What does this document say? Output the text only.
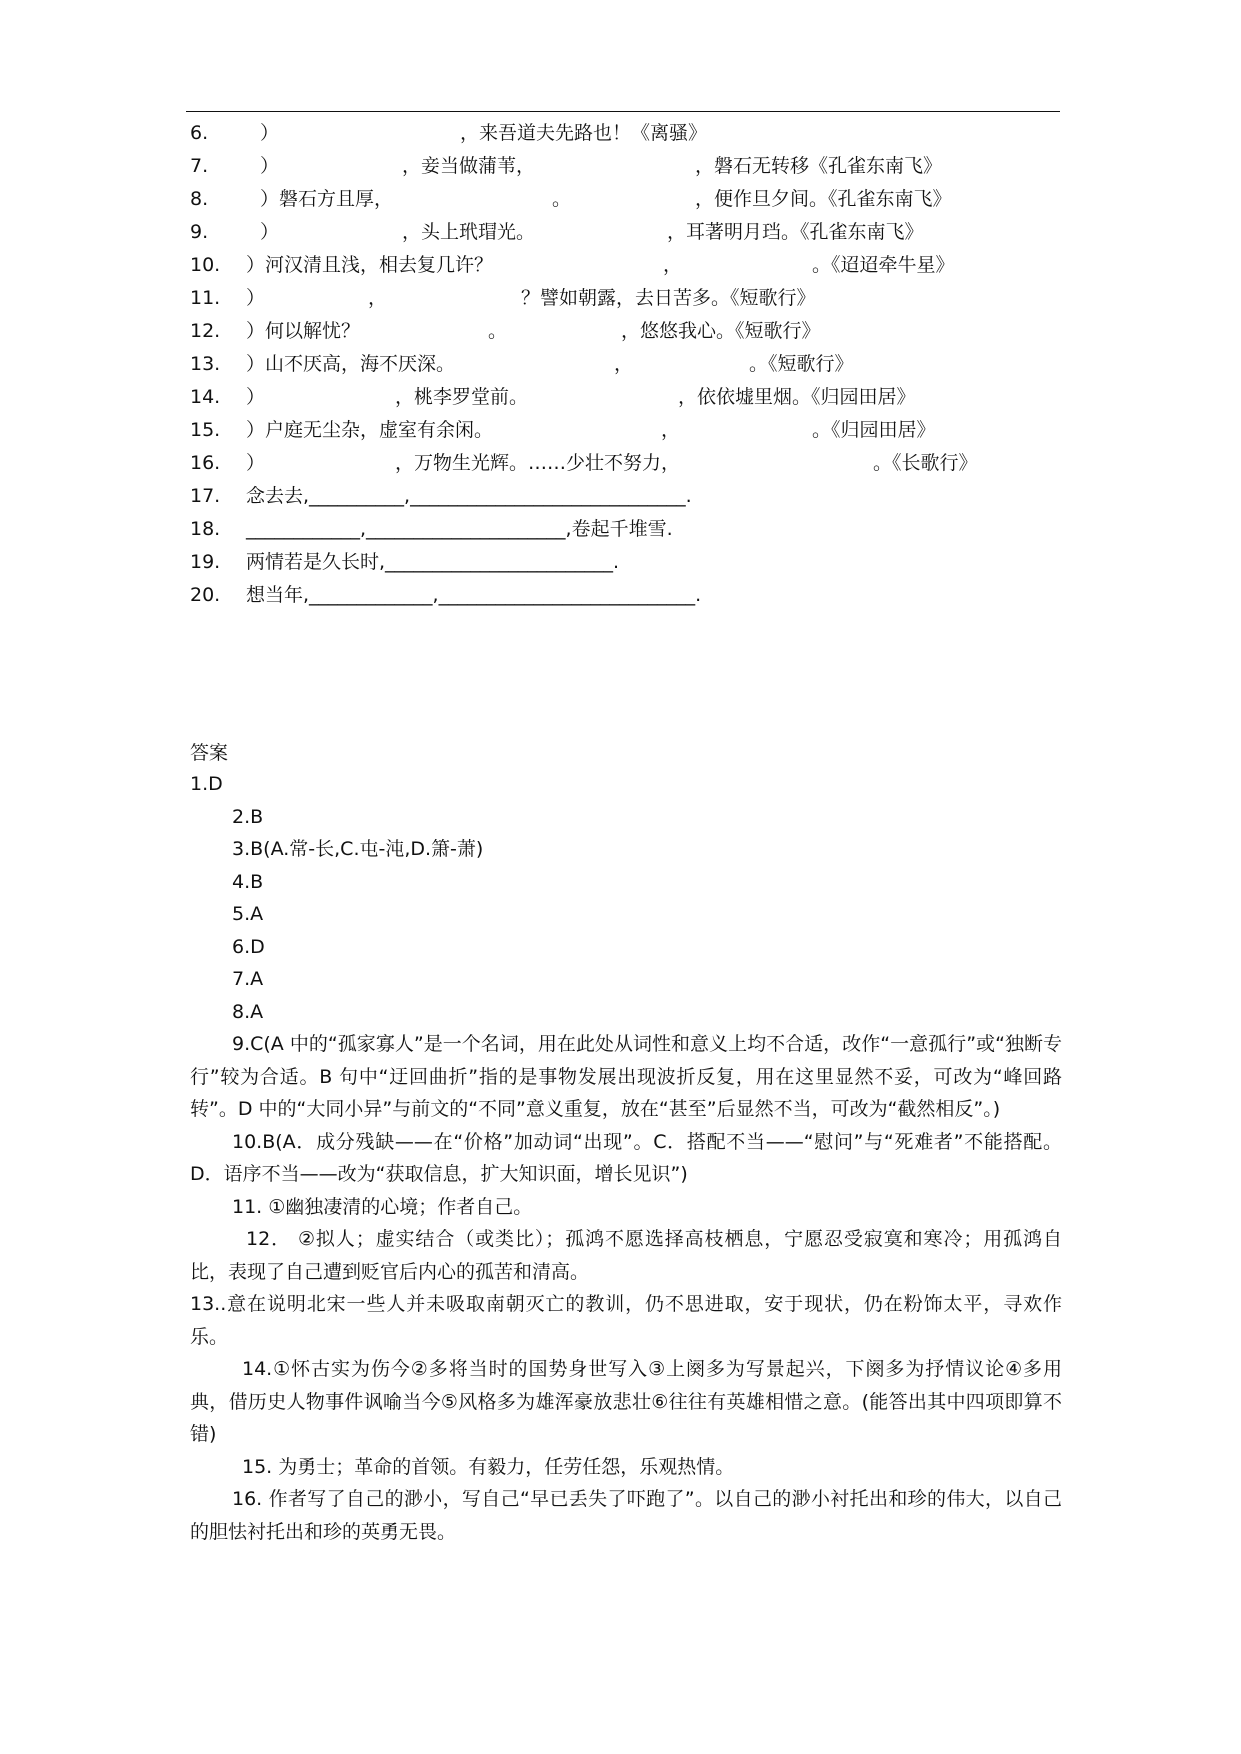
6.	）	，来吾道夫先路也！《离骚》
7.	）	，妾当做蒲苇，	，磐石无转移《孔雀东南飞》
8.	）磐石方且厚，	。	，便作旦夕间。《孔雀东南飞》
9.	）	，头上玳瑁光。	，耳著明月珰。《孔雀东南飞》
10. ）河汉清且浅，相去复几许？	，	。《迢迢牵牛星》
11. ）	，	？譬如朝露，去日苦多。《短歌行》
12. ）何以解忧？	。	，悠悠我心。《短歌行》
13. ）山不厌高，海不厌深。	，	。《短歌行》
14. ）	，桃李罗堂前。	，依依墟里烟。《归园田居》
15. ）户庭无尘杂，虚室有余闲。	，	。《归园田居》
16. ）	，万物生光辉。……少壮不努力，	。《长歌行》
17. 念去去,__________,_____________________________.
18. ____________,_____________________,卷起千堆雪.
19. 两情若是久长时,________________________.
20. 想当年,_____________,___________________________.
答案
1.D
2.B
3.B(A.常-长,C.屯-沌,D.箫-萧)
4.B
5.A
6.D
7.A
8.A
9.C(A 中的“孤家寡人”是一个名词，用在此处从词性和意义上均不合适，改作“一意孤行”或“独断专行”较为合适。B 句中“迂回曲折”指的是事物发展出现波折反复，用在这里显然不妥，可改为“峰回路转”。D 中的“大同小异”与前文的“不同”意义重复，放在“甚至”后显然不当，可改为“截然相反”。)
10.B(A．成分残缺——在“价格”加动词“出现”。C．搭配不当——“慰问”与“死难者”不能搭配。D．语序不当——改为“获取信息，扩大知识面，增长见识”)
11. ①幽独凄清的心境；作者自己。
12． ②拟人；虚实结合（或类比）；孤鸿不愿选择高枝栖息，宁愿忍受寂寞和寒冷；用孤鸿自比，表现了自己遭到贬官后内心的孤苦和清高。
13..意在说明北宋一些人并未吸取南朝灭亡的教训，仍不思进取，安于现状，仍在粉饰太平，寻欢作乐。
14.①怀古实为伤今②多将当时的国势身世写入③上阕多为写景起兴，下阕多为抒情议论④多用典，借历史人物事件讽喻当今⑤风格多为雄浑豪放悲壮⑥往往有英雄相惜之意。(能答出其中四项即算不错)
15. 为勇士；革命的首领。有毅力，任劳任怨，乐观热情。
16. 作者写了自己的渺小，写自己“早已丢失了吓跑了”。以自己的渺小衬托出和珍的伟大，以自己的胆怯衬托出和珍的英勇无畏。
